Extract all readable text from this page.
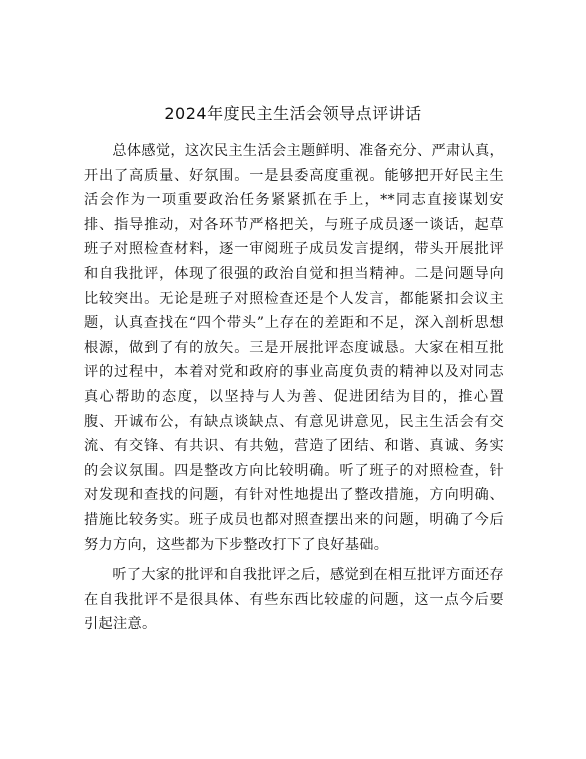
2024年度民主生活会领导点评讲话

总体感觉，这次民主生活会主题鲜明、准备充分、严肃认真，开出了高质量、好氛围。一是县委高度重视。能够把开好民主生活会作为一项重要政治任务紧紧抓在手上，**同志直接谋划安排、指导推动，对各环节严格把关，与班子成员逐一谈话，起草班子对照检查材料，逐一审阅班子成员发言提纲，带头开展批评和自我批评，体现了很强的政治自觉和担当精神。二是问题导向比较突出。无论是班子对照检查还是个人发言，都能紧扣会议主题，认真查找在“四个带头”上存在的差距和不足，深入剖析思想根源，做到了有的放矢。三是开展批评态度诚恳。大家在相互批评的过程中，本着对党和政府的事业高度负责的精神以及对同志真心帮助的态度，以坚持与人为善、促进团结为目的，推心置腹、开诚布公，有缺点谈缺点、有意见讲意见，民主生活会有交流、有交锋、有共识、有共勉，营造了团结、和谐、真诚、务实的会议氛围。四是整改方向比较明确。听了班子的对照检查，针对发现和查找的问题，有针对性地提出了整改措施，方向明确、措施比较务实。班子成员也都对照查摆出来的问题，明确了今后努力方向，这些都为下步整改打下了良好基础。

听了大家的批评和自我批评之后，感觉到在相互批评方面还存在自我批评不是很具体、有些东西比较虚的问题，这一点今后要引起注意。
